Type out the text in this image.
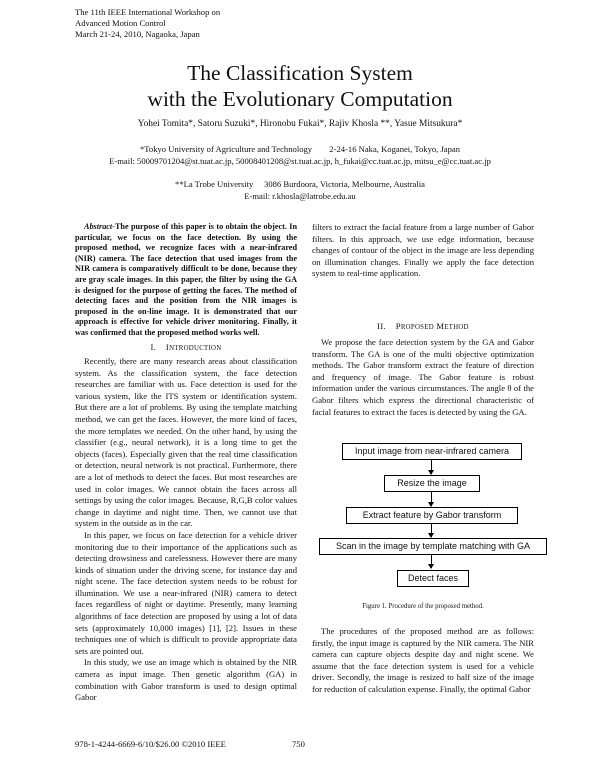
The 11th IEEE International Workshop on
Advanced Motion Control
March 21-24, 2010, Nagaoka, Japan
The Classification System
with the Evolutionary Computation
Yohei Tomita*, Satoru Suzuki*, Hironobu Fukai*, Rajiv Khosla **, Yasue Mitsukura*
*Tokyo University of Agriculture and Technology        2-24-16 Naka, Koganei, Tokyo, Japan
E-mail: 50009701204@st.tuat.ac.jp, 50008401208@st.tuat.ac.jp, h_fukai@cc.tuat.ac.jp, mitsu_e@cc.tuat.ac.jp
**La Trobe University     3086 Burdoora, Victoria, Melbourne, Australia
E-mail: r.khosla@latrobe.edu.au
Abstract-The purpose of this paper is to obtain the object. In particular, we focus on the face detection. By using the proposed method, we recognize faces with a near-infrared (NIR) camera. The face detection that used images from the NIR camera is comparatively difficult to be done, because they are gray scale images. In this paper, the filter by using the GA is designed for the purpose of getting the faces. The method of detecting faces and the position from the NIR images is proposed in the on-line image. It is demonstrated that our approach is effective for vehicle driver monitoring. Finally, it was confirmed that the proposed method works well.
I. INTRODUCTION

Recently, there are many research areas about classification system. As the classification system, the face detection researches are familiar with us. Face detection is used for the various system, like the ITS system or identification system. But there are a lot of problems. By using the template matching method, we can get the faces. However, the more kind of faces, the more templates we needed. On the other hand, by using the classifier (e.g., neural network), it is a long time to get the objects (faces). Especially given that the real time classification or detection, neural network is not practical. Furthermore, there are a lot of methods to detect the faces. But most researches are used in color images. We cannot obtain the faces across all settings by using the color images. Because, R,G,B color values change in daytime and night time. Then, we cannot use that system in the outside as in the car.

In this paper, we focus on face detection for a vehicle driver monitoring due to their importance of the applications such as detecting drowsiness and carelessness. However there are many kinds of situation under the driving scene, for instance day and night scene. The face detection system needs to be robust for illumination. We use a near-infrared (NIR) camera to detect faces regardless of night or daytime. Presently, many learning algorithms of face detection are proposed by using a lot of data sets (approximately 10,000 images) [1], [2]. Issues in these techniques one of which is difficult to provide appropriate data sets are pointed out.

In this study, we use an image which is obtained by the NIR camera as input image. Then genetic algorithm (GA) in combination with Gabor transform is used to design optimal Gabor

filters to extract the facial feature from a large number of Gabor filters. In this approach, we use edge information, because changes of contour of the object in the image are less depending on illumination changes. Finally we apply the face detection system to real-time application.

II. PROPOSED METHOD

We propose the face detection system by the GA and Gabor transform. The GA is one of the multi objective optimization methods. The Gabor transform extract the feature of direction and frequency of image. The Gabor feature is robust information under the various circumstances. The angle θ of the Gabor filters which express the directional characteristic of facial features to extract the faces is detected by using the GA.

Input image from near-infrared camera
Resize the image
Extract feature by Gabor transform
Scan in the image by template matching with GA
Detect faces
Figure 1. Procedure of the proposed method.

The procedures of the proposed method are as follows: firstly, the input image is captured by the NIR camera. The NIR camera can capture objects despite day and night scene. We assume that the face detection system is used for a vehicle driver. Secondly, the image is resized to half size of the image for reduction of calculation expense. Finally, the optimal Gabor

978-1-4244-6669-6/10/$26.00 ©2010 IEEE	750
